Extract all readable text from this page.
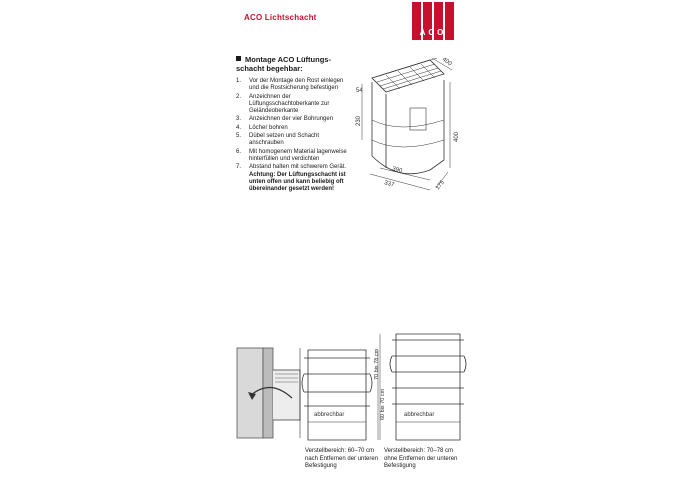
ACO Lichtschacht
ACO
Montage ACO Lüftungs-schacht begehbar:
1. Vor der Montage den Rost einlegen und die Rostsicherung befestigen
2. Anzeichnen der Lüftungsschachtoberkante zur Geländeoberkante
3. Anzeichnen der vier Bohrungen
4. Löcher bohren
5. Dübel setzen und Schacht anschrauben
6. Mit homogenem Material lagenweise hinterfüllen und verdichten
7. Abstand halten mit schwerem Gerät. Achtung: Der Lüftungsschacht ist unten offen und kann beliebig oft übereinander gesetzt werden!
400
54
230
400
390
337	175
abbrechbar	60 bis 70 cm	abbrechbar
70 bis 78 cm
Verstellbereich: 60–70 cm
nach Entfernen der unteren
Befestigung
Verstellbereich: 70–78 cm
ohne Entfernen der unteren
Befestigung
